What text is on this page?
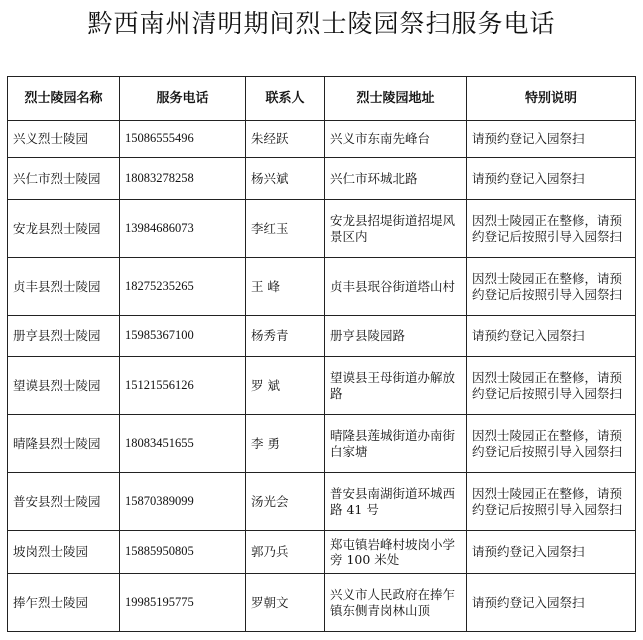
黔西南州清明期间烈士陵园祭扫服务电话
烈士陵园名称	服务电话	联系人	烈士陵园地址	特别说明
兴义烈士陵园	15086555496	朱经跃	兴义市东南先峰台	请预约登记入园祭扫
兴仁市烈士陵园	18083278258	杨兴斌	兴仁市环城北路	请预约登记入园祭扫
安龙县烈士陵园	13984686073	李红玉	安龙县招堤街道招堤风景区内	因烈士陵园正在整修，请预约登记后按照引导入园祭扫
贞丰县烈士陵园	18275235265	王 峰	贞丰县珉谷街道塔山村	因烈士陵园正在整修，请预约登记后按照引导入园祭扫
册亨县烈士陵园	15985367100	杨秀青	册亨县陵园路	请预约登记入园祭扫
望谟县烈士陵园	15121556126	罗 斌	望谟县王母街道办解放路	因烈士陵园正在整修，请预约登记后按照引导入园祭扫
晴隆县烈士陵园	18083451655	李 勇	晴隆县莲城街道办南街白家塘	因烈士陵园正在整修，请预约登记后按照引导入园祭扫
普安县烈士陵园	15870389099	汤光会	普安县南湖街道环城西路 41 号	因烈士陵园正在整修，请预约登记后按照引导入园祭扫
坡岗烈士陵园	15885950805	郭乃兵	郑屯镇岩峰村坡岗小学旁 100 米处	请预约登记入园祭扫
捧乍烈士陵园	19985195775	罗朝文	兴义市人民政府在捧乍镇东侧青岗林山顶	请预约登记入园祭扫
